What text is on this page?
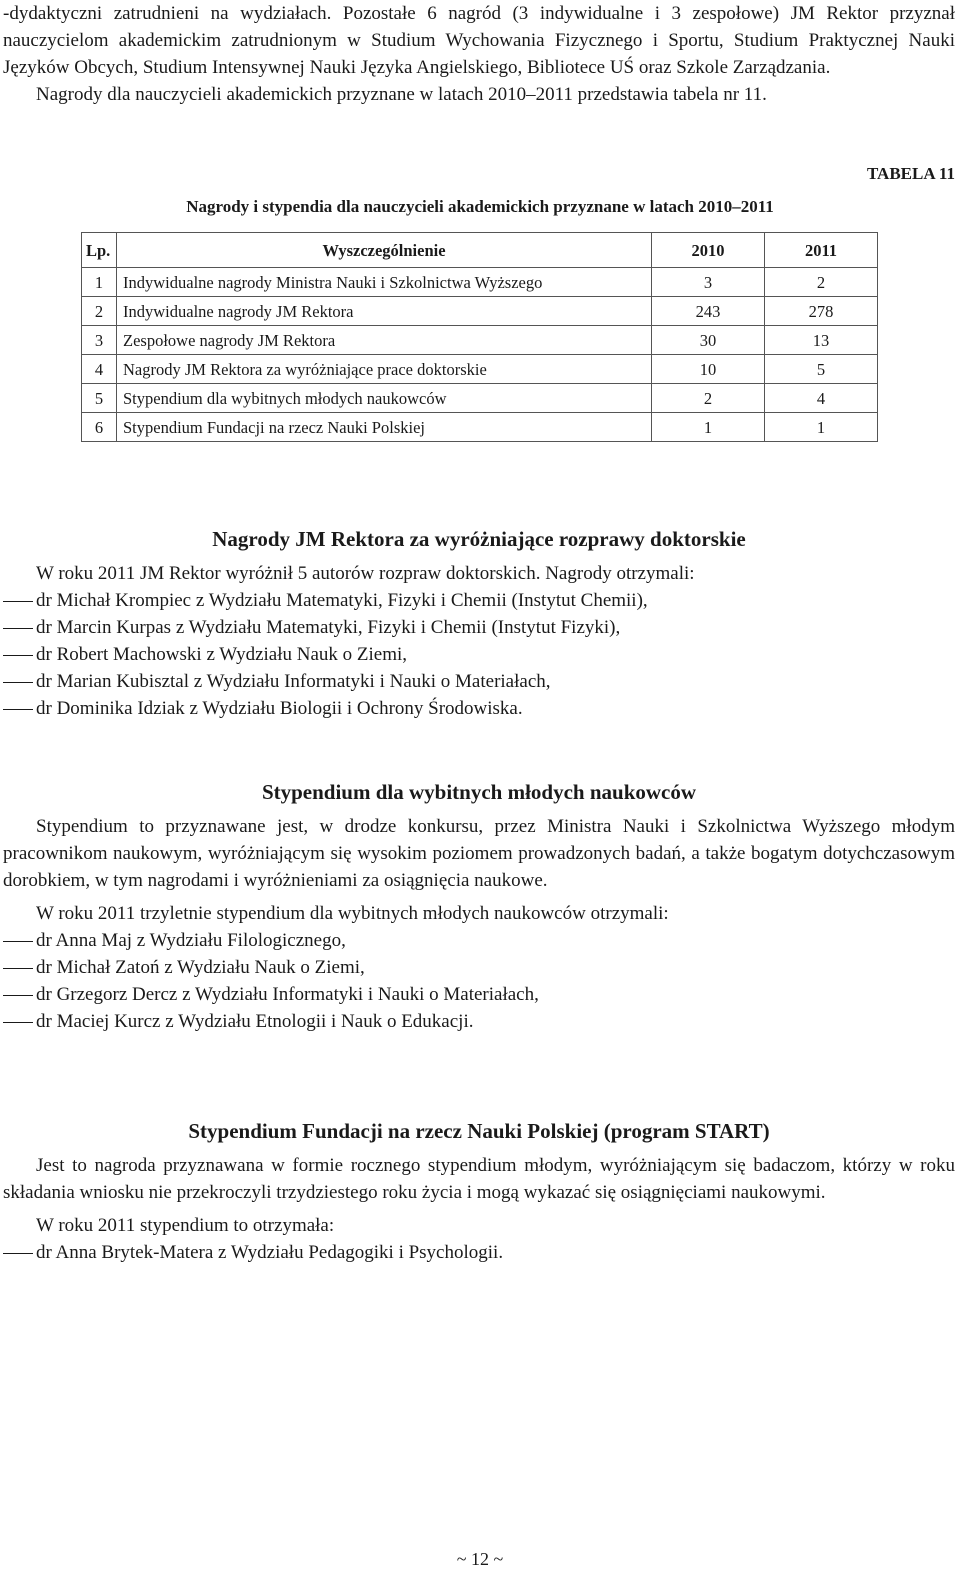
-dydaktyczni zatrudnieni na wydziałach. Pozostałe 6 nagród (3 indywidualne i 3 zespołowe) JM Rektor przyznał nauczycielom akademickim zatrudnionym w Studium Wychowania Fizycznego i Sportu, Studium Praktycznej Nauki Języków Obcych, Studium Intensywnej Nauki Języka Angielskiego, Bibliotece UŚ oraz Szkole Zarządzania.

Nagrody dla nauczycieli akademickich przyznane w latach 2010–2011 przedstawia tabela nr 11.

TABELA 11
Nagrody i stypendia dla nauczycieli akademickich przyznane w latach 2010–2011
Lp.	Wyszczególnienie	2010	2011
1	Indywidualne nagrody Ministra Nauki i Szkolnictwa Wyższego	3	2
2	Indywidualne nagrody JM Rektora	243	278
3	Zespołowe nagrody JM Rektora	30	13
4	Nagrody JM Rektora za wyróżniające prace doktorskie	10	5
5	Stypendium dla wybitnych młodych naukowców	2	4
6	Stypendium Fundacji na rzecz Nauki Polskiej	1	1
Nagrody JM Rektora za wyróżniające rozprawy doktorskie

W roku 2011 JM Rektor wyróżnił 5 autorów rozpraw doktorskich. Nagrody otrzymali:

dr Michał Krompiec z Wydziału Matematyki, Fizyki i Chemii (Instytut Chemii),
dr Marcin Kurpas z Wydziału Matematyki, Fizyki i Chemii (Instytut Fizyki),
dr Robert Machowski z Wydziału Nauk o Ziemi,
dr Marian Kubisztal z Wydziału Informatyki i Nauki o Materiałach,
dr Dominika Idziak z Wydziału Biologii i Ochrony Środowiska.
Stypendium dla wybitnych młodych naukowców

Stypendium to przyznawane jest, w drodze konkursu, przez Ministra Nauki i Szkolnictwa Wyższego młodym pracownikom naukowym, wyróżniającym się wysokim poziomem prowadzonych badań, a także bogatym dotychczasowym dorobkiem, w tym nagrodami i wyróżnieniami za osiągnięcia naukowe.

W roku 2011 trzyletnie stypendium dla wybitnych młodych naukowców otrzymali:

dr Anna Maj z Wydziału Filologicznego,
dr Michał Zatoń z Wydziału Nauk o Ziemi,
dr Grzegorz Dercz z Wydziału Informatyki i Nauki o Materiałach,
dr Maciej Kurcz z Wydziału Etnologii i Nauk o Edukacji.
Stypendium Fundacji na rzecz Nauki Polskiej (program START)

Jest to nagroda przyznawana w formie rocznego stypendium młodym, wyróżniającym się badaczom, którzy w roku składania wniosku nie przekroczyli trzydziestego roku życia i mogą wykazać się osiągnięciami naukowymi.

W roku 2011 stypendium to otrzymała:

dr Anna Brytek-Matera z Wydziału Pedagogiki i Psychologii.
~ 12 ~
